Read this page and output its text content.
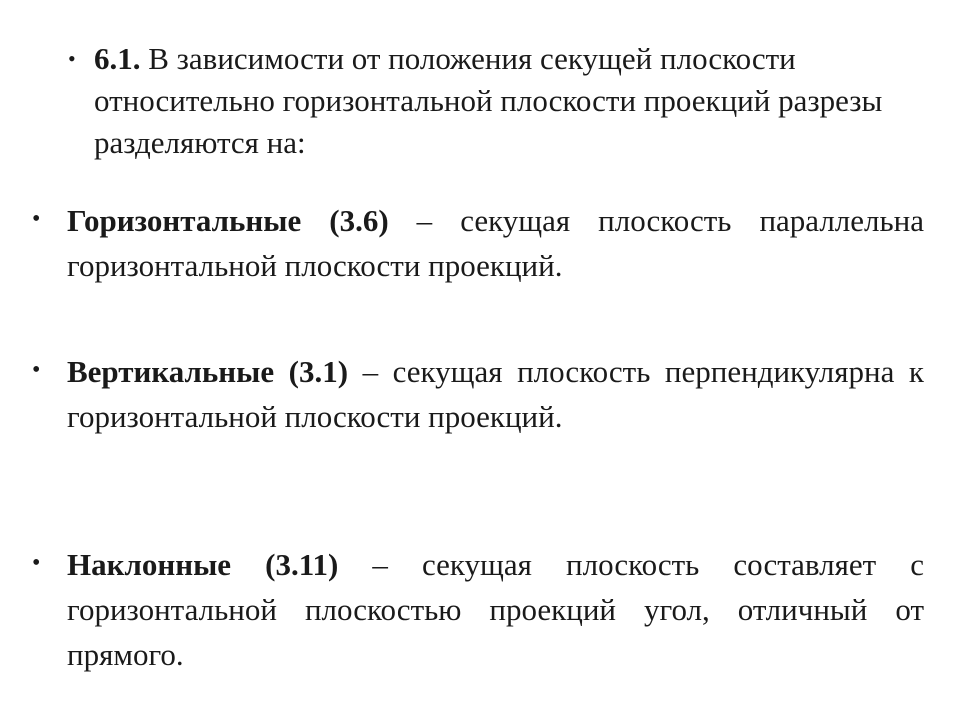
• 6.1. В зависимости от положения секущей плоскости относительно горизонтальной плоскости проекций разрезы разделяются на:
• Горизонтальные (3.6) – секущая плоскость параллельна горизонтальной плоскости проекций.
• Вертикальные (3.1) – секущая плоскость перпендикулярна к горизонтальной плоскости проекций.
• Наклонные (3.11) – секущая плоскость составляет с горизонтальной плоскостью проекций угол, отличный от прямого.
